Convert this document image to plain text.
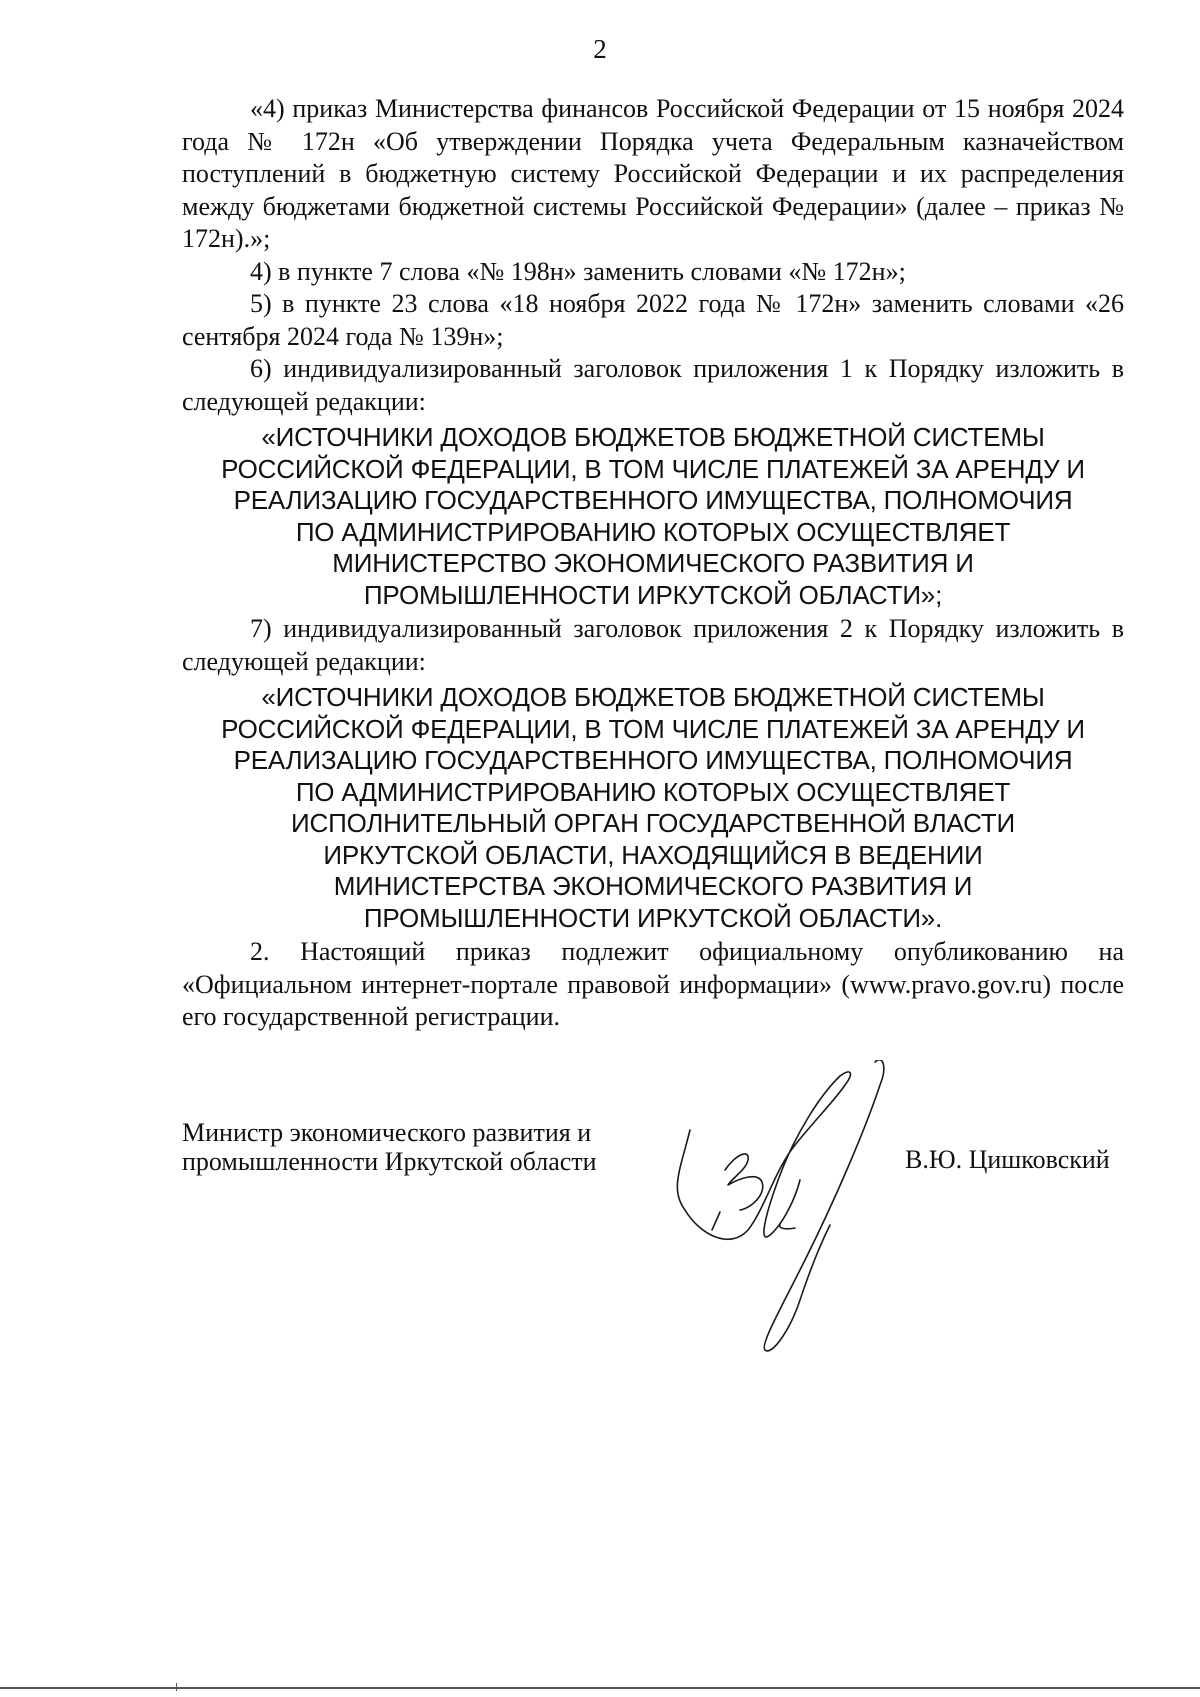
2

«4) приказ Министерства финансов Российской Федерации от 15 ноября 2024 года № 172н «Об утверждении Порядка учета Федеральным казначейством поступлений в бюджетную систему Российской Федерации и их распределения между бюджетами бюджетной системы Российской Федерации» (далее – приказ № 172н).»;

4) в пункте 7 слова «№ 198н» заменить словами «№ 172н»;

5) в пункте 23 слова «18 ноября 2022 года № 172н» заменить словами «26 сентября 2024 года № 139н»;

6) индивидуализированный заголовок приложения 1 к Порядку изложить в следующей редакции:

«ИСТОЧНИКИ ДОХОДОВ БЮДЖЕТОВ БЮДЖЕТНОЙ СИСТЕМЫ
РОССИЙСКОЙ ФЕДЕРАЦИИ, В ТОМ ЧИСЛЕ ПЛАТЕЖЕЙ ЗА АРЕНДУ И
РЕАЛИЗАЦИЮ ГОСУДАРСТВЕННОГО ИМУЩЕСТВА, ПОЛНОМОЧИЯ
ПО АДМИНИСТРИРОВАНИЮ КОТОРЫХ ОСУЩЕСТВЛЯЕТ
МИНИСТЕРСТВО ЭКОНОМИЧЕСКОГО РАЗВИТИЯ И
ПРОМЫШЛЕННОСТИ ИРКУТСКОЙ ОБЛАСТИ»;

7) индивидуализированный заголовок приложения 2 к Порядку изложить в следующей редакции:

«ИСТОЧНИКИ ДОХОДОВ БЮДЖЕТОВ БЮДЖЕТНОЙ СИСТЕМЫ
РОССИЙСКОЙ ФЕДЕРАЦИИ, В ТОМ ЧИСЛЕ ПЛАТЕЖЕЙ ЗА АРЕНДУ И
РЕАЛИЗАЦИЮ ГОСУДАРСТВЕННОГО ИМУЩЕСТВА, ПОЛНОМОЧИЯ
ПО АДМИНИСТРИРОВАНИЮ КОТОРЫХ ОСУЩЕСТВЛЯЕТ
ИСПОЛНИТЕЛЬНЫЙ ОРГАН ГОСУДАРСТВЕННОЙ ВЛАСТИ
ИРКУТСКОЙ ОБЛАСТИ, НАХОДЯЩИЙСЯ В ВЕДЕНИИ
МИНИСТЕРСТВА ЭКОНОМИЧЕСКОГО РАЗВИТИЯ И
ПРОМЫШЛЕННОСТИ ИРКУТСКОЙ ОБЛАСТИ».

2. Настоящий приказ подлежит официальному опубликованию на «Официальном интернет-портале правовой информации» (www.pravo.gov.ru) после его государственной регистрации.

Министр экономического развития и
промышленности Иркутской области	В.Ю. Цишковский
